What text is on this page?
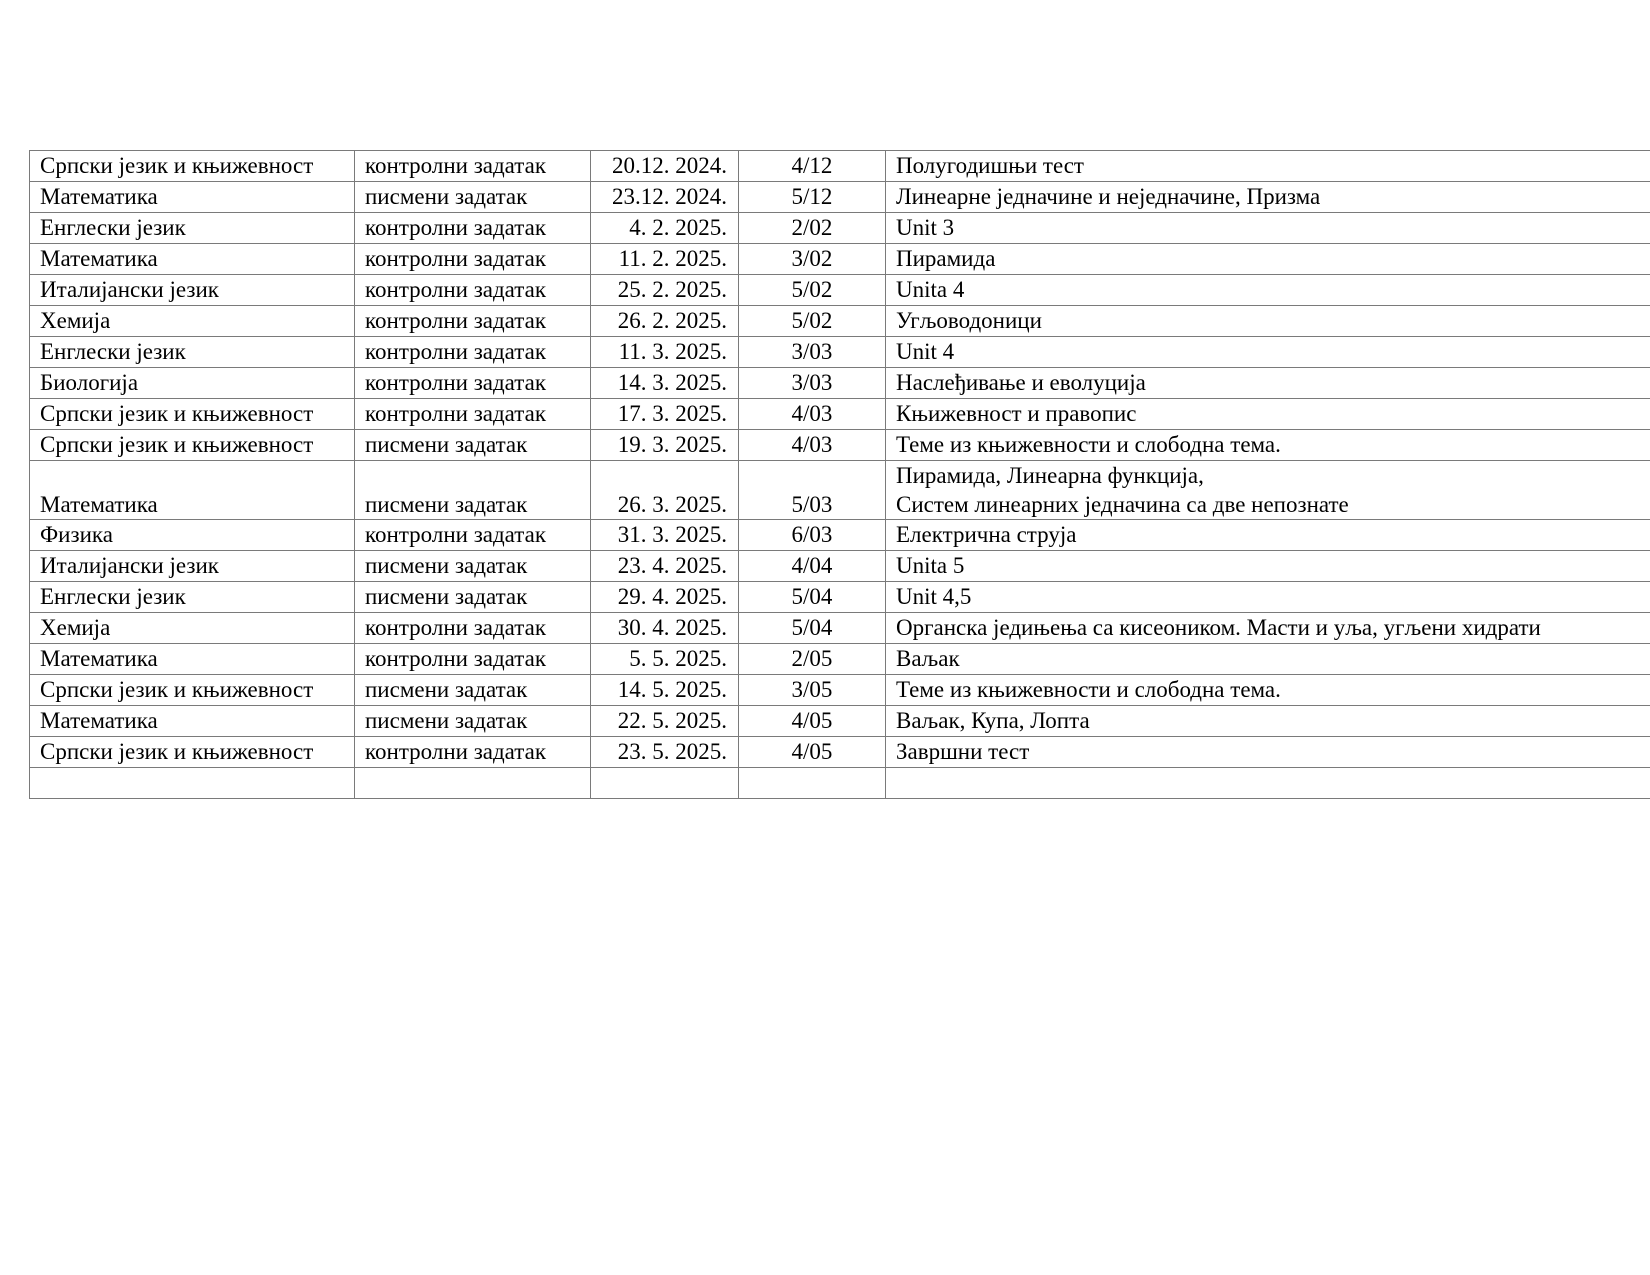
Српски језик и књижевност	контролни задатак	20.12. 2024.	4/12	Полугодишњи тест
Математика	писмени задатак	23.12. 2024.	5/12	Линеарне једначине и неједначине, Призма
Енглески језик	контролни задатак	4. 2. 2025.	2/02	Unit 3
Математика	контролни задатак	11. 2. 2025.	3/02	Пирамида
Италијански језик	контролни задатак	25. 2. 2025.	5/02	Unita 4
Хемија	контролни задатак	26. 2. 2025.	5/02	Угљоводоници
Енглески језик	контролни задатак	11. 3. 2025.	3/03	Unit 4
Биологија	контролни задатак	14. 3. 2025.	3/03	Наслеђивање и еволуција
Српски језик и књижевност	контролни задатак	17. 3. 2025.	4/03	Књижевност и правопис
Српски језик и књижевност	писмени задатак	19. 3. 2025.	4/03	Теме из књижевности и слободна тема.
Математика	писмени задатак	26. 3. 2025.	5/03	Пирамида, Линеарна функција,
Систем линеарних једначина са две непознате
Физика	контролни задатак	31. 3. 2025.	6/03	Електрична струја
Италијански језик	писмени задатак	23. 4. 2025.	4/04	Unita 5
Енглески језик	писмени задатак	29. 4. 2025.	5/04	Unit 4,5
Хемија	контролни задатак	30. 4. 2025.	5/04	Органска једињења са кисеоником. Масти и уља, угљени хидрати
Математика	контролни задатак	5. 5. 2025.	2/05	Ваљак
Српски језик и књижевност	писмени задатак	14. 5. 2025.	3/05	Теме из књижевности и слободна тема.
Математика	писмени задатак	22. 5. 2025.	4/05	Ваљак, Купа, Лопта
Српски језик и књижевност	контролни задатак	23. 5. 2025.	4/05	Завршни тест
